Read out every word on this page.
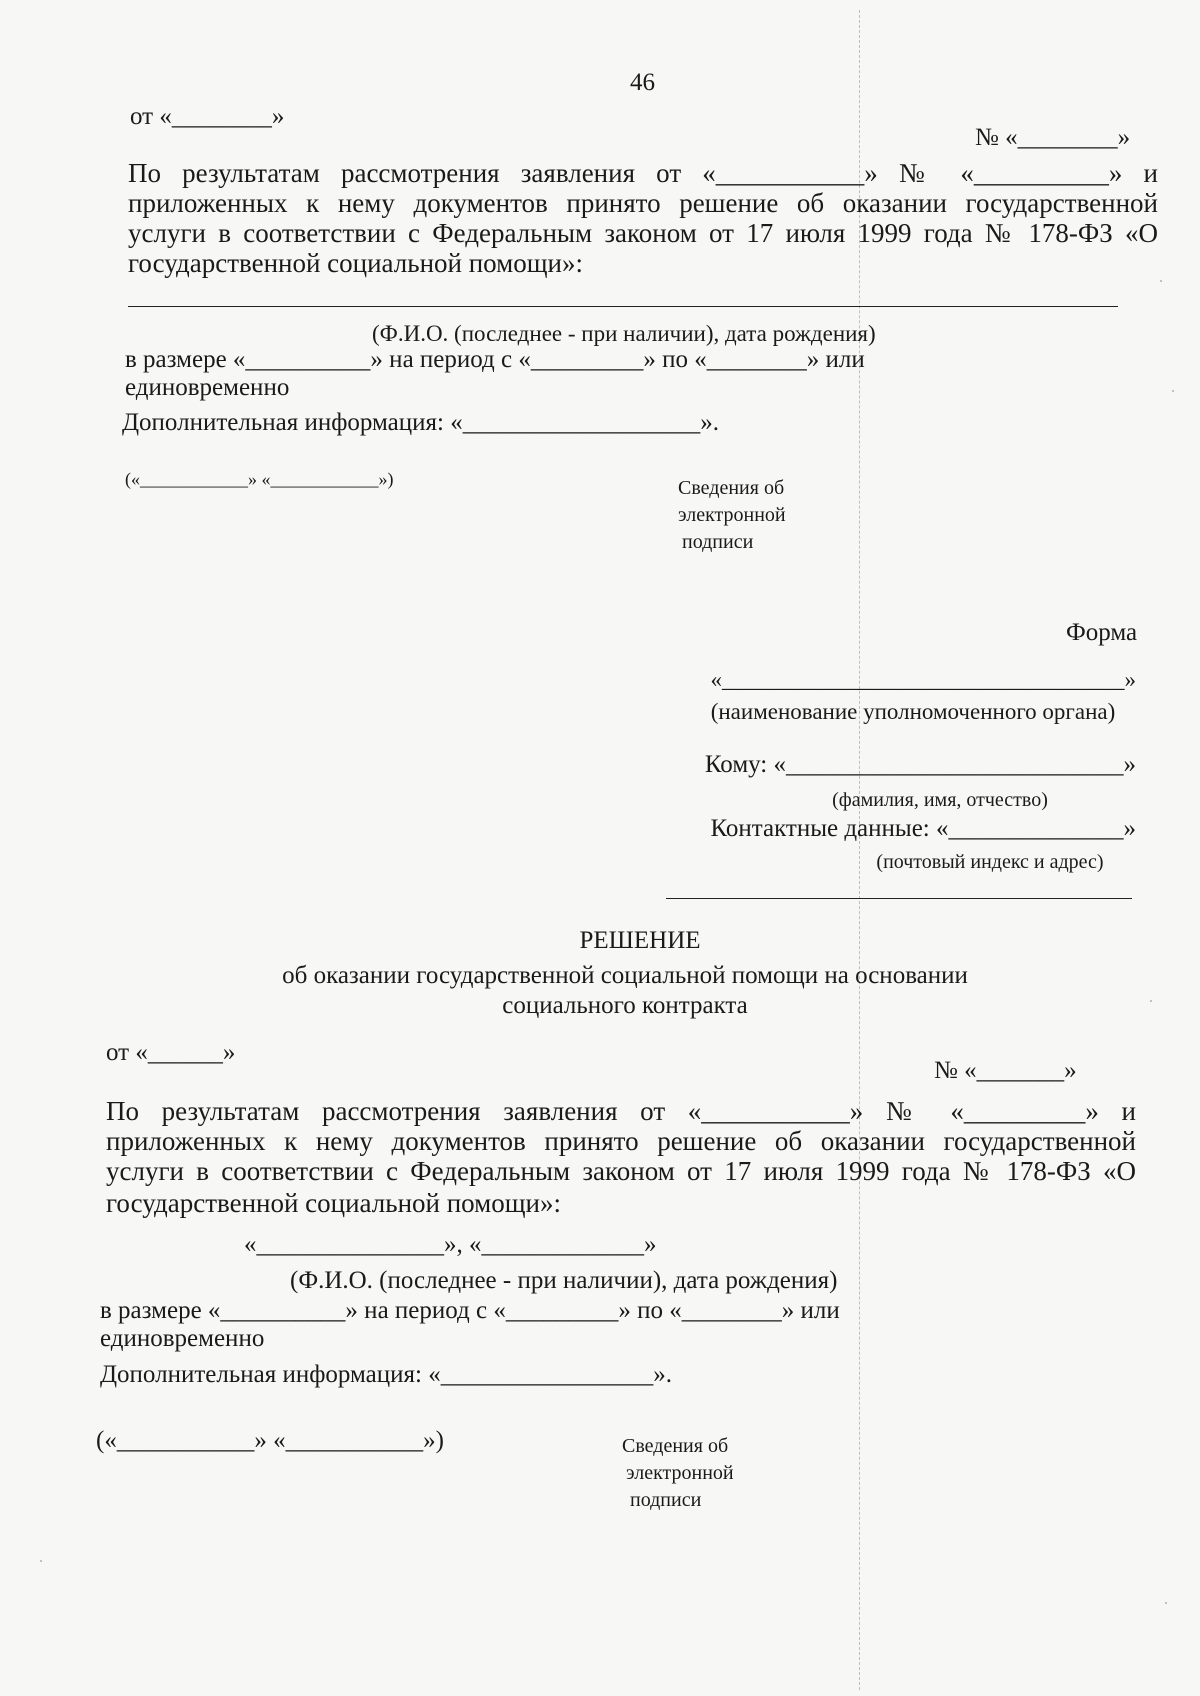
46
от «________»
№ «________»
По результатам рассмотрения заявления от «___________» № «__________» и
приложенных к нему документов принято решение об оказании государственной
услуги в соответствии с Федеральным законом от 17 июля 1999 года № 178-ФЗ «О
государственной социальной помощи»:
(Ф.И.О. (последнее - при наличии), дата рождения)
в размере «__________» на период с «_________» по «________» или
единовременно
Дополнительная информация: «___________________».
(«____________» «____________»)	Сведения об
электронной
подписи
Форма
«___________________________________»
(наименование уполномоченного органа)
Кому: «___________________________»
(фамилия, имя, отчество)
Контактные данные: «______________»
(почтовый индекс и адрес)
РЕШЕНИЕ
об оказании государственной социальной помощи на основании
социального контракта
от «______»
№ «_______»
По результатам рассмотрения заявления от «___________» № «_________» и
приложенных к нему документов принято решение об оказании государственной
услуги в соответствии с Федеральным законом от 17 июля 1999 года № 178-ФЗ «О
государственной социальной помощи»:
«_______________», «_____________»
(Ф.И.О. (последнее - при наличии), дата рождения)
в размере «__________» на период с «_________» по «________» или
единовременно
Дополнительная информация: «_________________».
(«___________» «___________»)	Сведения об
электронной
подписи
